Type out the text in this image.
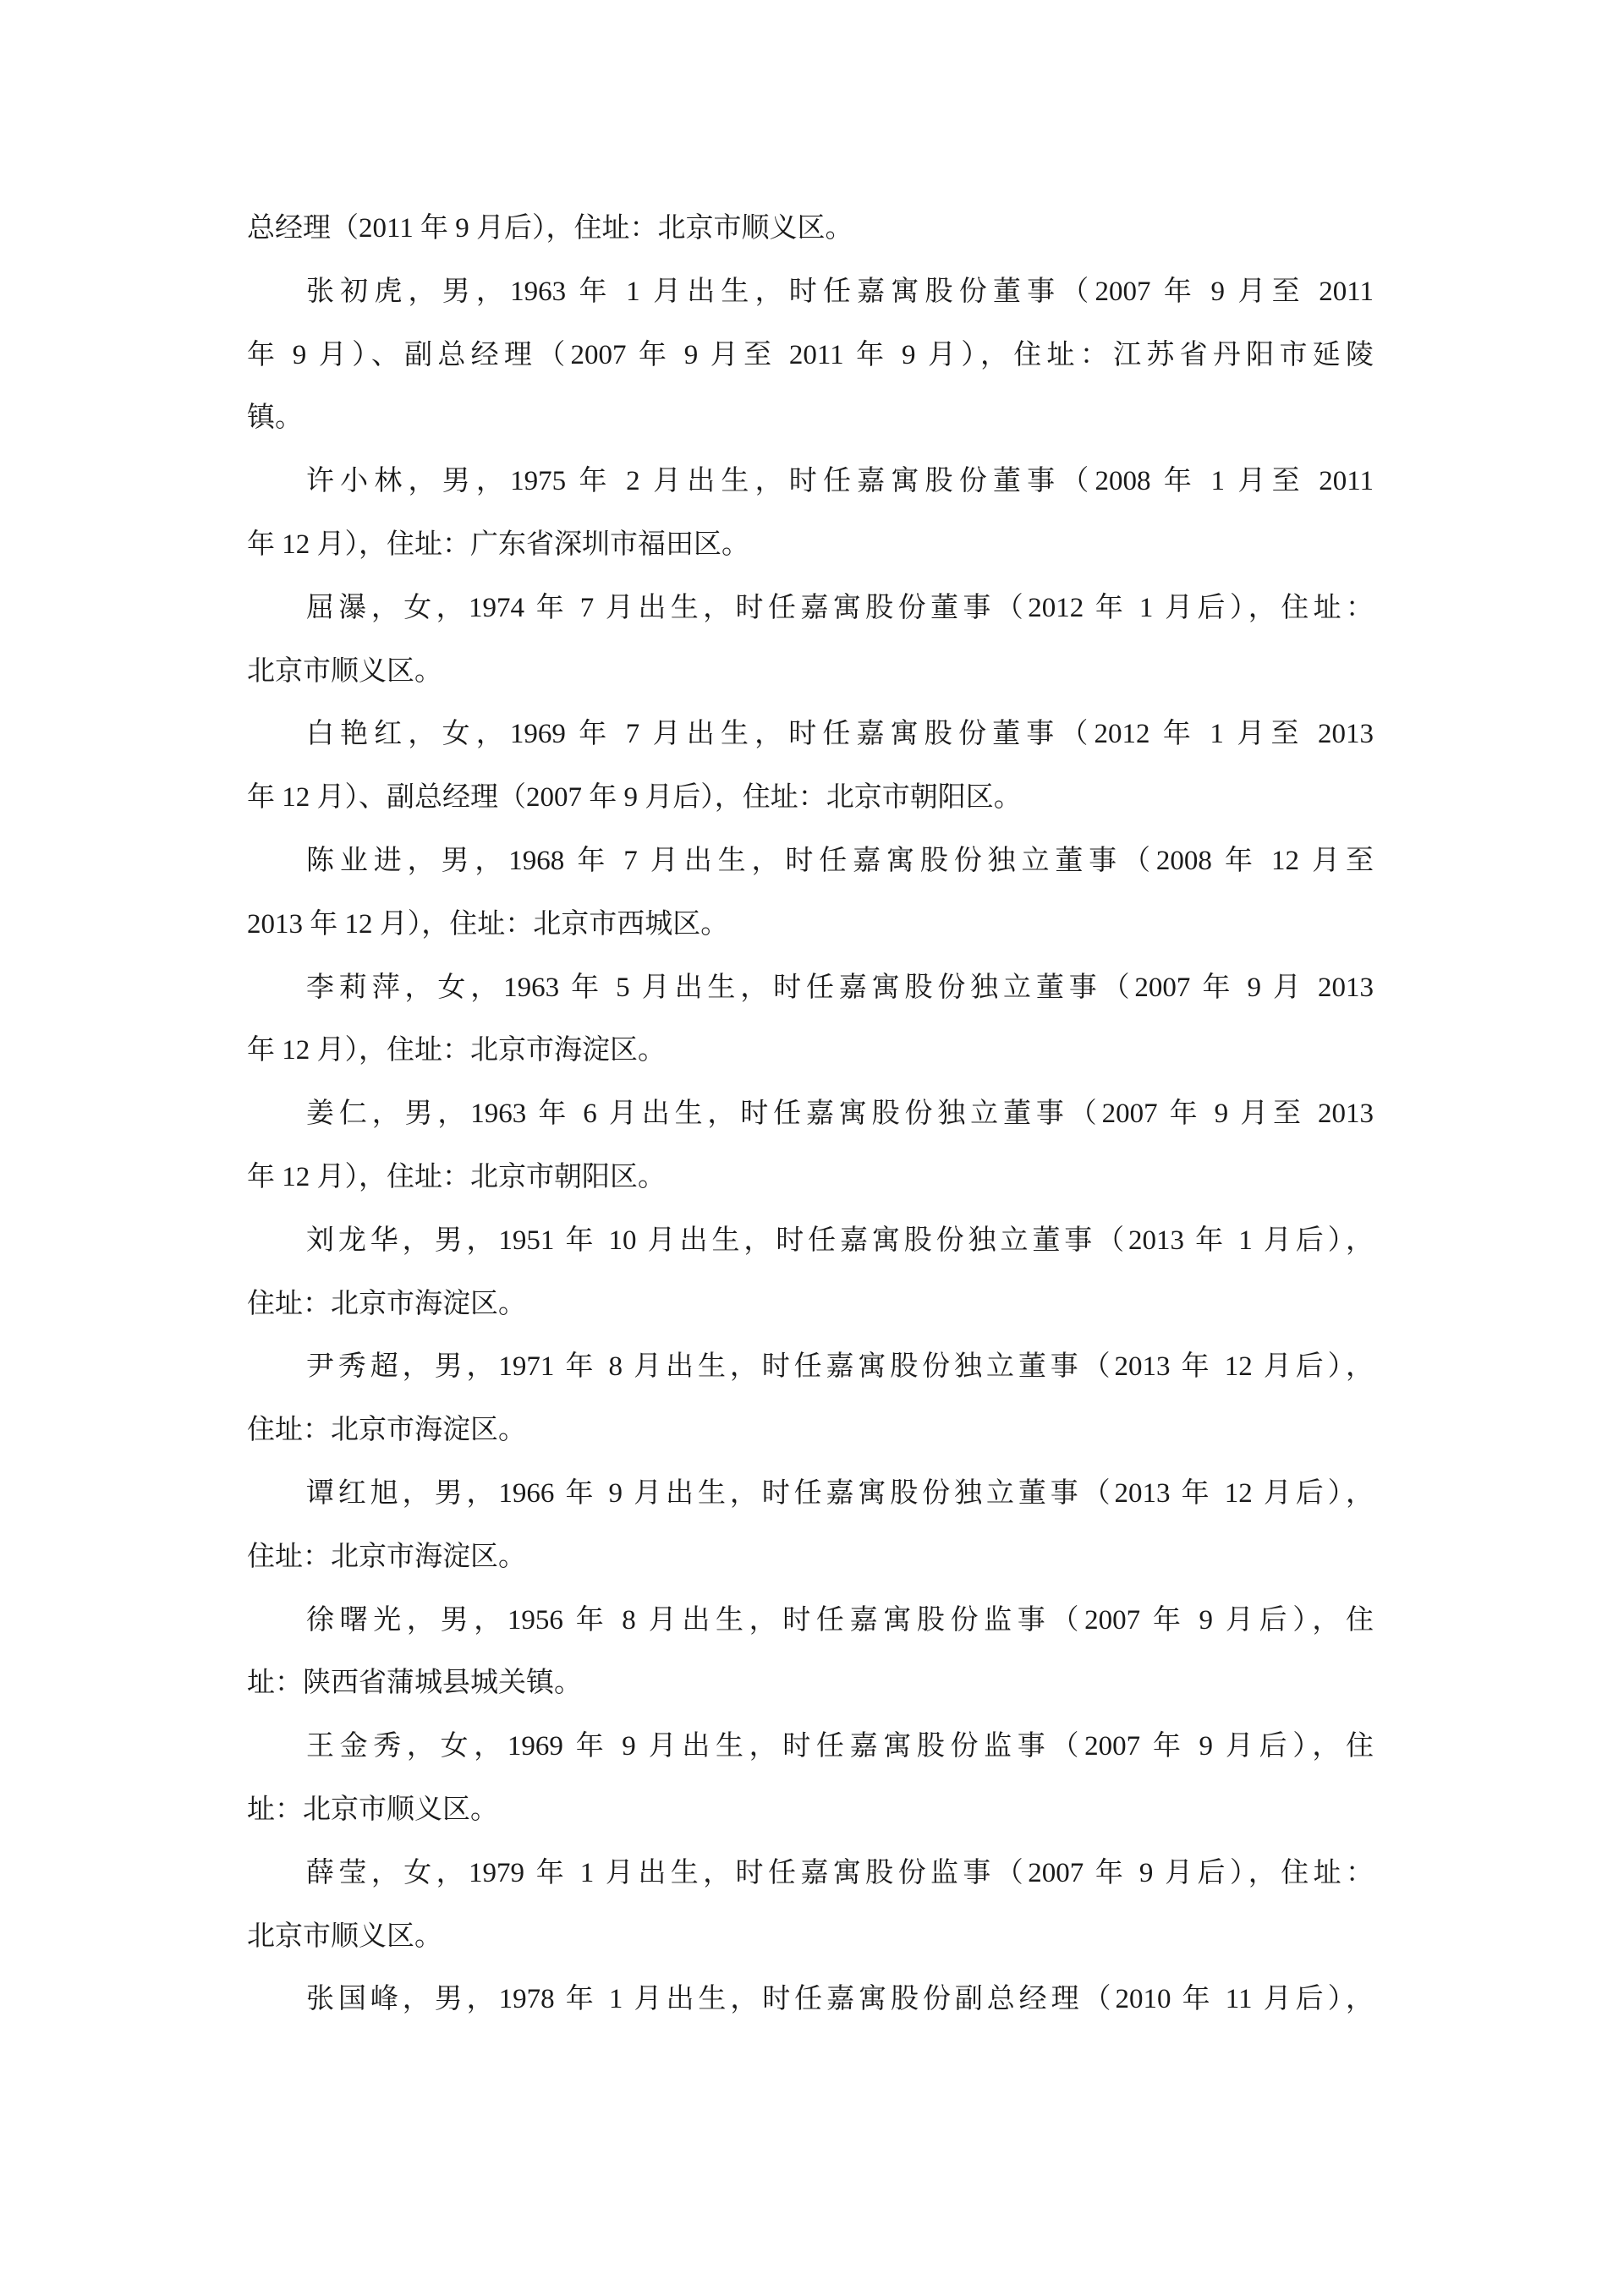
总经理（2011 年 9 月后），住址：北京市顺义区。
张初虎，男，1963 年 1 月出生，时任嘉寓股份董事（2007 年 9 月至 2011
年 9 月）、副总经理（2007 年 9 月至 2011 年 9 月），住址：江苏省丹阳市延陵
镇。
许小林，男，1975 年 2 月出生，时任嘉寓股份董事（2008 年 1 月至 2011
年 12 月），住址：广东省深圳市福田区。
屈瀑，女，1974 年 7 月出生，时任嘉寓股份董事（2012 年 1 月后），住址：
北京市顺义区。
白艳红，女，1969 年 7 月出生，时任嘉寓股份董事（2012 年 1 月至 2013
年 12 月）、副总经理（2007 年 9 月后），住址：北京市朝阳区。
陈业进，男，1968 年 7 月出生，时任嘉寓股份独立董事（2008 年 12 月至
2013 年 12 月），住址：北京市西城区。
李莉萍，女，1963 年 5 月出生，时任嘉寓股份独立董事（2007 年 9 月 2013
年 12 月），住址：北京市海淀区。
姜仁，男，1963 年 6 月出生，时任嘉寓股份独立董事（2007 年 9 月至 2013
年 12 月），住址：北京市朝阳区。
刘龙华，男，1951 年 10 月出生，时任嘉寓股份独立董事（2013 年 1 月后），
住址：北京市海淀区。
尹秀超，男，1971 年 8 月出生，时任嘉寓股份独立董事（2013 年 12 月后），
住址：北京市海淀区。
谭红旭，男，1966 年 9 月出生，时任嘉寓股份独立董事（2013 年 12 月后），
住址：北京市海淀区。
徐曙光，男，1956 年 8 月出生，时任嘉寓股份监事（2007 年 9 月后），住
址：陕西省蒲城县城关镇。
王金秀，女，1969 年 9 月出生，时任嘉寓股份监事（2007 年 9 月后），住
址：北京市顺义区。
薛莹，女，1979 年 1 月出生，时任嘉寓股份监事（2007 年 9 月后），住址：
北京市顺义区。
张国峰，男，1978 年 1 月出生，时任嘉寓股份副总经理（2010 年 11 月后），
